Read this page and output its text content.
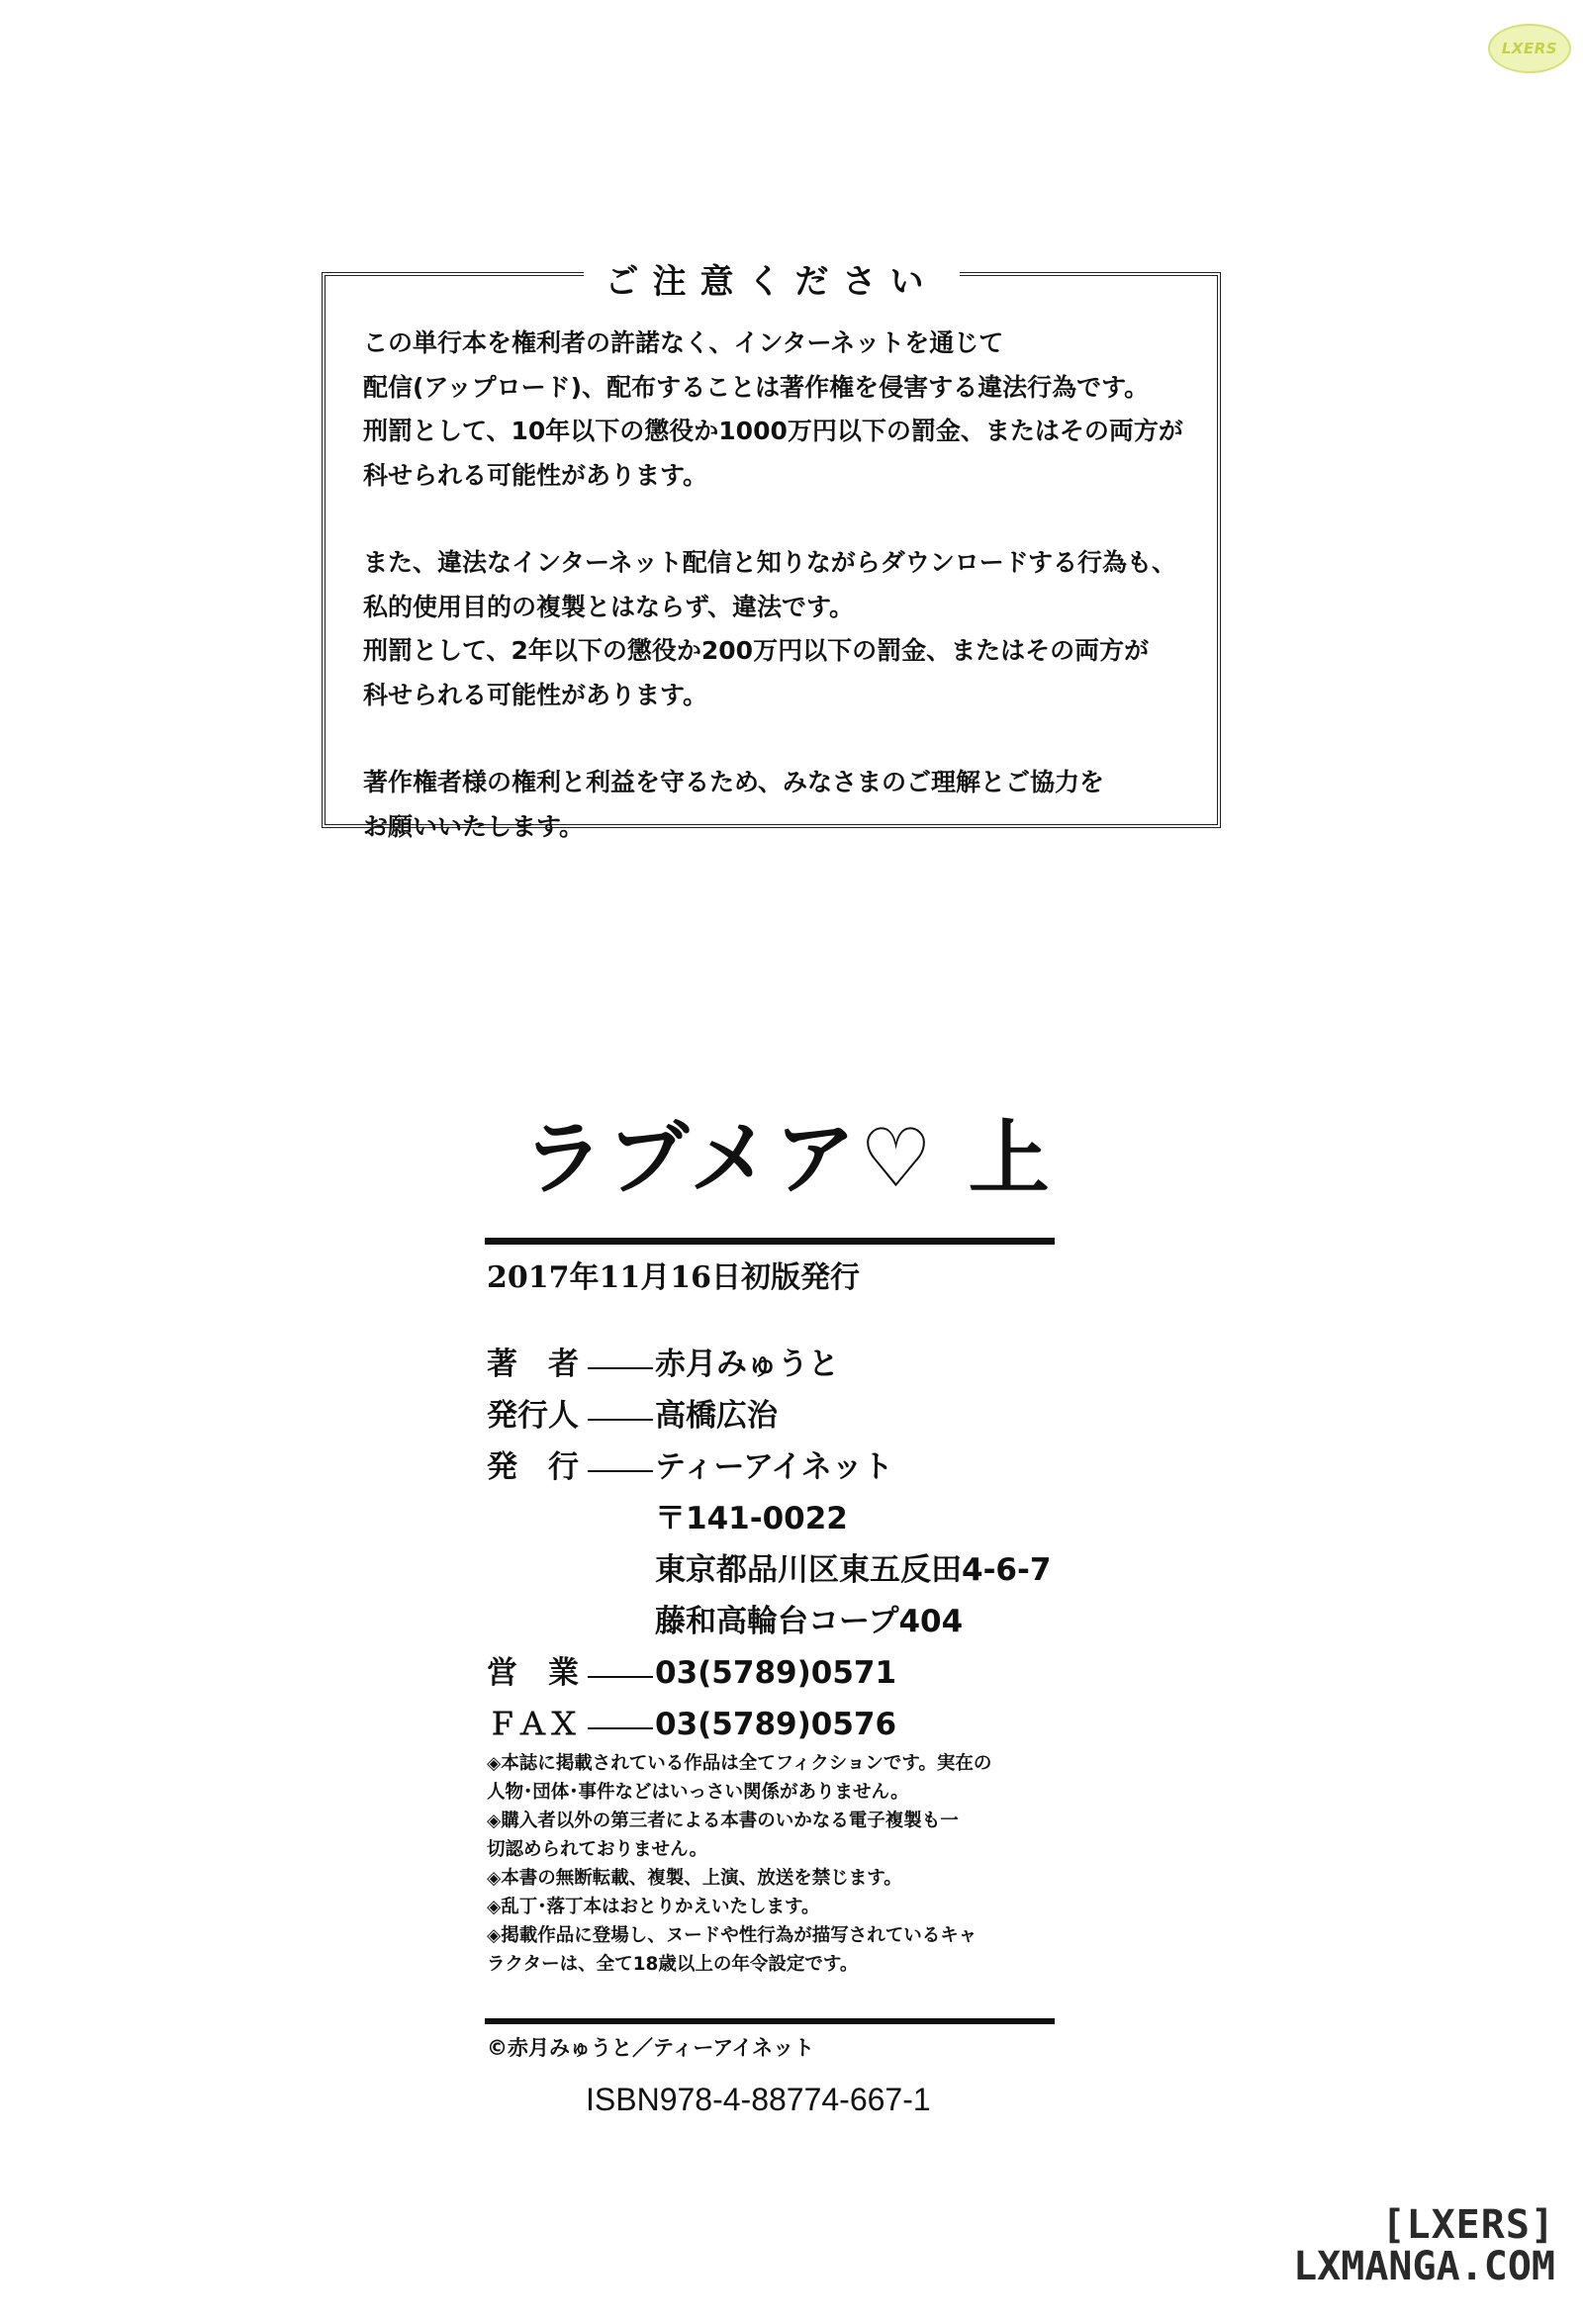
LXERS
ご注意ください
この単行本を権利者の許諾なく、インターネットを通じて
配信(アップロード)、配布することは著作権を侵害する違法行為です。
刑罰として、10年以下の懲役か1000万円以下の罰金、またはその両方が
科せられる可能性があります。
また、違法なインターネット配信と知りながらダウンロードする行為も、
私的使用目的の複製とはならず、違法です。
刑罰として、2年以下の懲役か200万円以下の罰金、またはその両方が
科せられる可能性があります。
著作権者様の権利と利益を守るため、みなさまのご理解とご協力を
お願いいたします。
ラブメア♡ 上
2017年11月16日初版発行
著　者 赤月みゅうと
発行人 高橋広治
発　行 ティーアイネット
〒141-0022
東京都品川区東五反田4-6-7
藤和高輪台コープ404
営　業 03(5789)0571
ＦＡＸ 03(5789)0576
◈本誌に掲載されている作品は全てフィクションです。実在の
人物･団体･事件などはいっさい関係がありません。
◈購入者以外の第三者による本書のいかなる電子複製も一
切認められておりません。
◈本書の無断転載、複製、上演、放送を禁じます。
◈乱丁･落丁本はおとりかえいたします。
◈掲載作品に登場し、ヌードや性行為が描写されているキャ
ラクターは、全て18歳以上の年令設定です。
©赤月みゅうと／ティーアイネット
ISBN978-4-88774-667-1
[LXERS]
LXMANGA.COM
